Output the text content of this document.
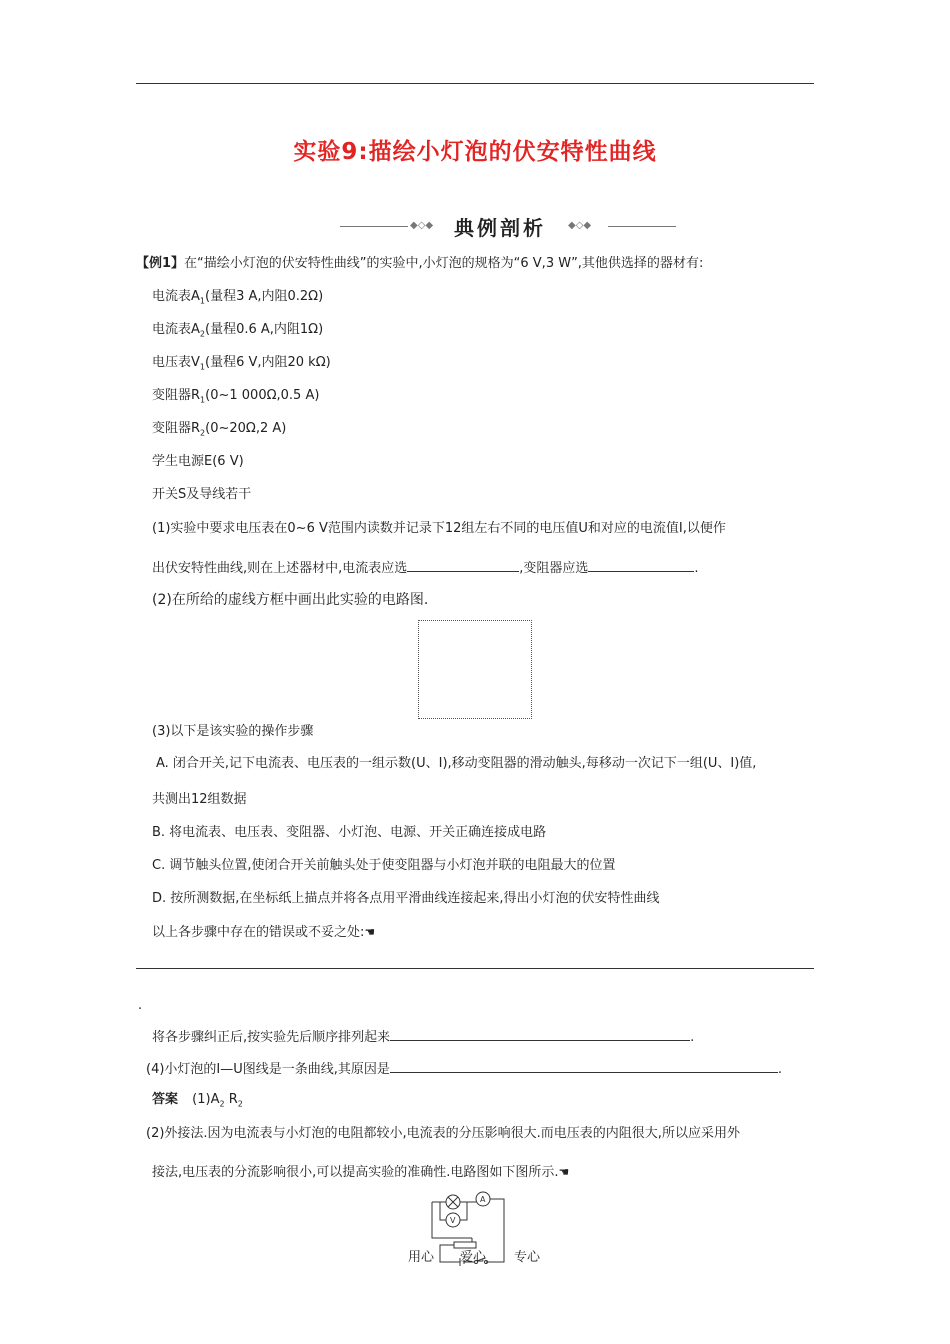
实验9:描绘小灯泡的伏安特性曲线
◆◇◆	典例剖析	◆◇◆
【例1】在“描绘小灯泡的伏安特性曲线”的实验中,小灯泡的规格为“6 V,3 W”,其他供选择的器材有:
电流表$A_1$(量程3 A,内阻0.2Ω)
电流表$A_2$(量程0.6 A,内阻1Ω)
电压表$V_1$(量程6 V,内阻20 kΩ)
变阻器$R_1(0\sim 1$ 000Ω,0.5 A)
变阻器$R_2(0\sim 20\Omega,2$ A)
学生电源E(6 V)
开关S及导线若干
(1)实验中要求电压表在0~6 V范围内读数并记录下12组左右不同的电压值U和对应的电流值I,以便作
出伏安特性曲线,则在上述器材中,电流表应选	,变阻器应选	.
(2)在所给的虚线方框中画出此实验的电路图.
(3)以下是该实验的操作步骤
A. 闭合开关,记下电流表、电压表的一组示数(U、I),移动变阻器的滑动触头,每移动一次记下一组(U、I)值,
共测出12组数据
B. 将电流表、电压表、变阻器、小灯泡、电源、开关正确连接成电路
C. 调节触头位置,使闭合开关前触头处于使变阻器与小灯泡并联的电阻最大的位置
D. 按所测数据,在坐标纸上描点并将各点用平滑曲线连接起来,得出小灯泡的伏安特性曲线
以上各步骤中存在的错误或不妥之处:☚
.
将各步骤纠正后,按实验先后顺序排列起来	.
(4)小灯泡的I—U图线是一条曲线,其原因是	.
答案 $(1)A_2$ $R_2$
(2)外接法.因为电流表与小灯泡的电阻都较小,电流表的分压影响很大.而电压表的内阻很大,所以应采用外
接法,电压表的分流影响很小,可以提高实验的准确性.电路图如下图所示.☚
A
V
用心 爱心 专心
